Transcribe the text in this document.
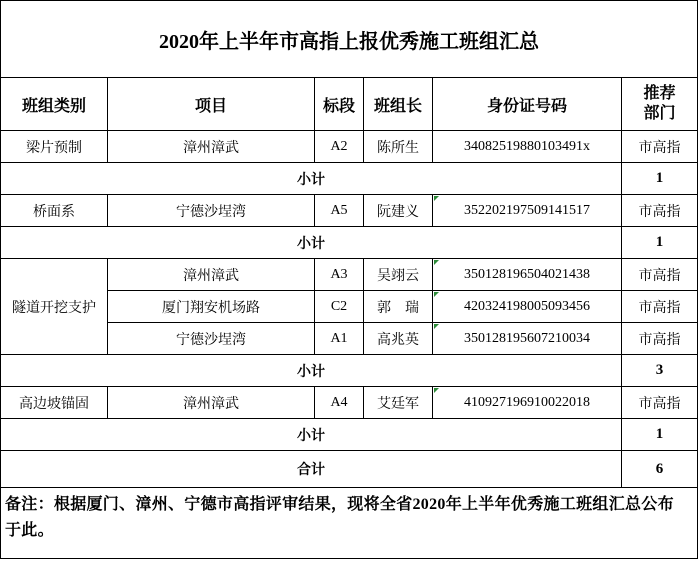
2020年上半年市高指上报优秀施工班组汇总					
班组类别	项目	标段	班组长	身份证号码	推荐
部门
梁片预制	漳州漳武	A2	陈所生	34082519880103491x	市高指
小计					1
桥面系	宁德沙埕湾	A5	阮建义	352202197509141517	市高指
小计					1
隧道开挖支护	漳州漳武	A3	吴翊云	350128196504021438	市高指
	厦门翔安机场路	C2	郭　瑞	420324198005093456	市高指
	宁德沙埕湾	A1	高兆英	350128195607210034	市高指
小计					3
高边坡锚固	漳州漳武	A4	艾廷军	410927196910022018	市高指
小计					1
合计					6
备注：根据厦门、漳州、宁德市高指评审结果，现将全省2020年上半年优秀施工班组汇总公布于此。					
